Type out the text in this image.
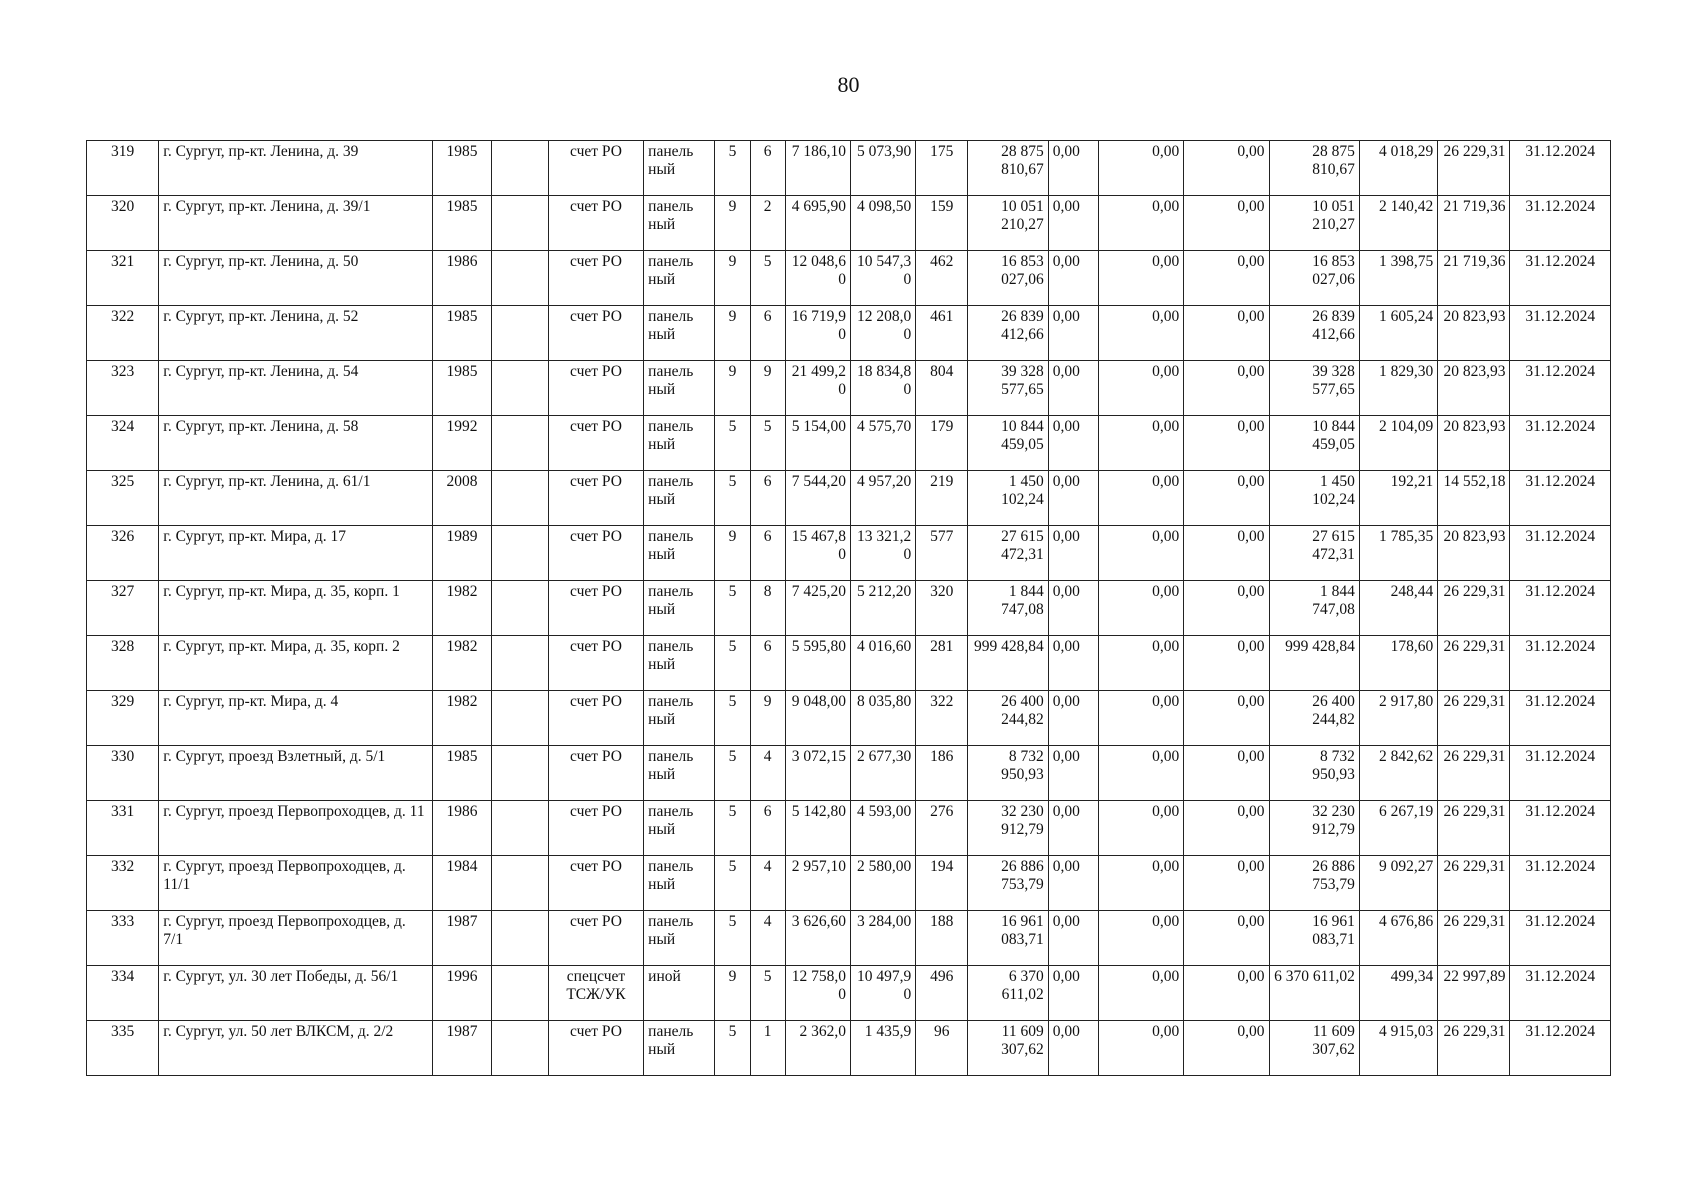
80
319	г. Сургут, пр-кт. Ленина, д. 39	1985		счет РО	панель ный	5	6	7 186,10	5 073,90	175	28 875 810,67	0,00	0,00	0,00	28 875 810,67	4 018,29	26 229,31	31.12.2024
320	г. Сургут, пр-кт. Ленина, д. 39/1	1985		счет РО	панель ный	9	2	4 695,90	4 098,50	159	10 051 210,27	0,00	0,00	0,00	10 051 210,27	2 140,42	21 719,36	31.12.2024
321	г. Сургут, пр-кт. Ленина, д. 50	1986		счет РО	панель ный	9	5	12 048,60	10 547,30	462	16 853 027,06	0,00	0,00	0,00	16 853 027,06	1 398,75	21 719,36	31.12.2024
322	г. Сургут, пр-кт. Ленина, д. 52	1985		счет РО	панель ный	9	6	16 719,90	12 208,00	461	26 839 412,66	0,00	0,00	0,00	26 839 412,66	1 605,24	20 823,93	31.12.2024
323	г. Сургут, пр-кт. Ленина, д. 54	1985		счет РО	панель ный	9	9	21 499,20	18 834,80	804	39 328 577,65	0,00	0,00	0,00	39 328 577,65	1 829,30	20 823,93	31.12.2024
324	г. Сургут, пр-кт. Ленина, д. 58	1992		счет РО	панель ный	5	5	5 154,00	4 575,70	179	10 844 459,05	0,00	0,00	0,00	10 844 459,05	2 104,09	20 823,93	31.12.2024
325	г. Сургут, пр-кт. Ленина, д. 61/1	2008		счет РО	панель ный	5	6	7 544,20	4 957,20	219	1 450 102,24	0,00	0,00	0,00	1 450 102,24	192,21	14 552,18	31.12.2024
326	г. Сургут, пр-кт. Мира, д. 17	1989		счет РО	панель ный	9	6	15 467,80	13 321,20	577	27 615 472,31	0,00	0,00	0,00	27 615 472,31	1 785,35	20 823,93	31.12.2024
327	г. Сургут, пр-кт. Мира, д. 35, корп. 1	1982		счет РО	панель ный	5	8	7 425,20	5 212,20	320	1 844 747,08	0,00	0,00	0,00	1 844 747,08	248,44	26 229,31	31.12.2024
328	г. Сургут, пр-кт. Мира, д. 35, корп. 2	1982		счет РО	панель ный	5	6	5 595,80	4 016,60	281	999 428,84	0,00	0,00	0,00	999 428,84	178,60	26 229,31	31.12.2024
329	г. Сургут, пр-кт. Мира, д. 4	1982		счет РО	панель ный	5	9	9 048,00	8 035,80	322	26 400 244,82	0,00	0,00	0,00	26 400 244,82	2 917,80	26 229,31	31.12.2024
330	г. Сургут, проезд Взлетный, д. 5/1	1985		счет РО	панель ный	5	4	3 072,15	2 677,30	186	8 732 950,93	0,00	0,00	0,00	8 732 950,93	2 842,62	26 229,31	31.12.2024
331	г. Сургут, проезд Первопроходцев, д. 11	1986		счет РО	панель ный	5	6	5 142,80	4 593,00	276	32 230 912,79	0,00	0,00	0,00	32 230 912,79	6 267,19	26 229,31	31.12.2024
332	г. Сургут, проезд Первопроходцев, д. 11/1	1984		счет РО	панель ный	5	4	2 957,10	2 580,00	194	26 886 753,79	0,00	0,00	0,00	26 886 753,79	9 092,27	26 229,31	31.12.2024
333	г. Сургут, проезд Первопроходцев, д. 7/1	1987		счет РО	панель ный	5	4	3 626,60	3 284,00	188	16 961 083,71	0,00	0,00	0,00	16 961 083,71	4 676,86	26 229,31	31.12.2024
334	г. Сургут, ул. 30 лет Победы, д. 56/1	1996		спецсчет ТСЖ/УК	иной	9	5	12 758,00	10 497,90	496	6 370 611,02	0,00	0,00	0,00	6 370 611,02	499,34	22 997,89	31.12.2024
335	г. Сургут, ул. 50 лет ВЛКСМ, д. 2/2	1987		счет РО	панель ный	5	1	2 362,0	1 435,9	96	11 609 307,62	0,00	0,00	0,00	11 609 307,62	4 915,03	26 229,31	31.12.2024
